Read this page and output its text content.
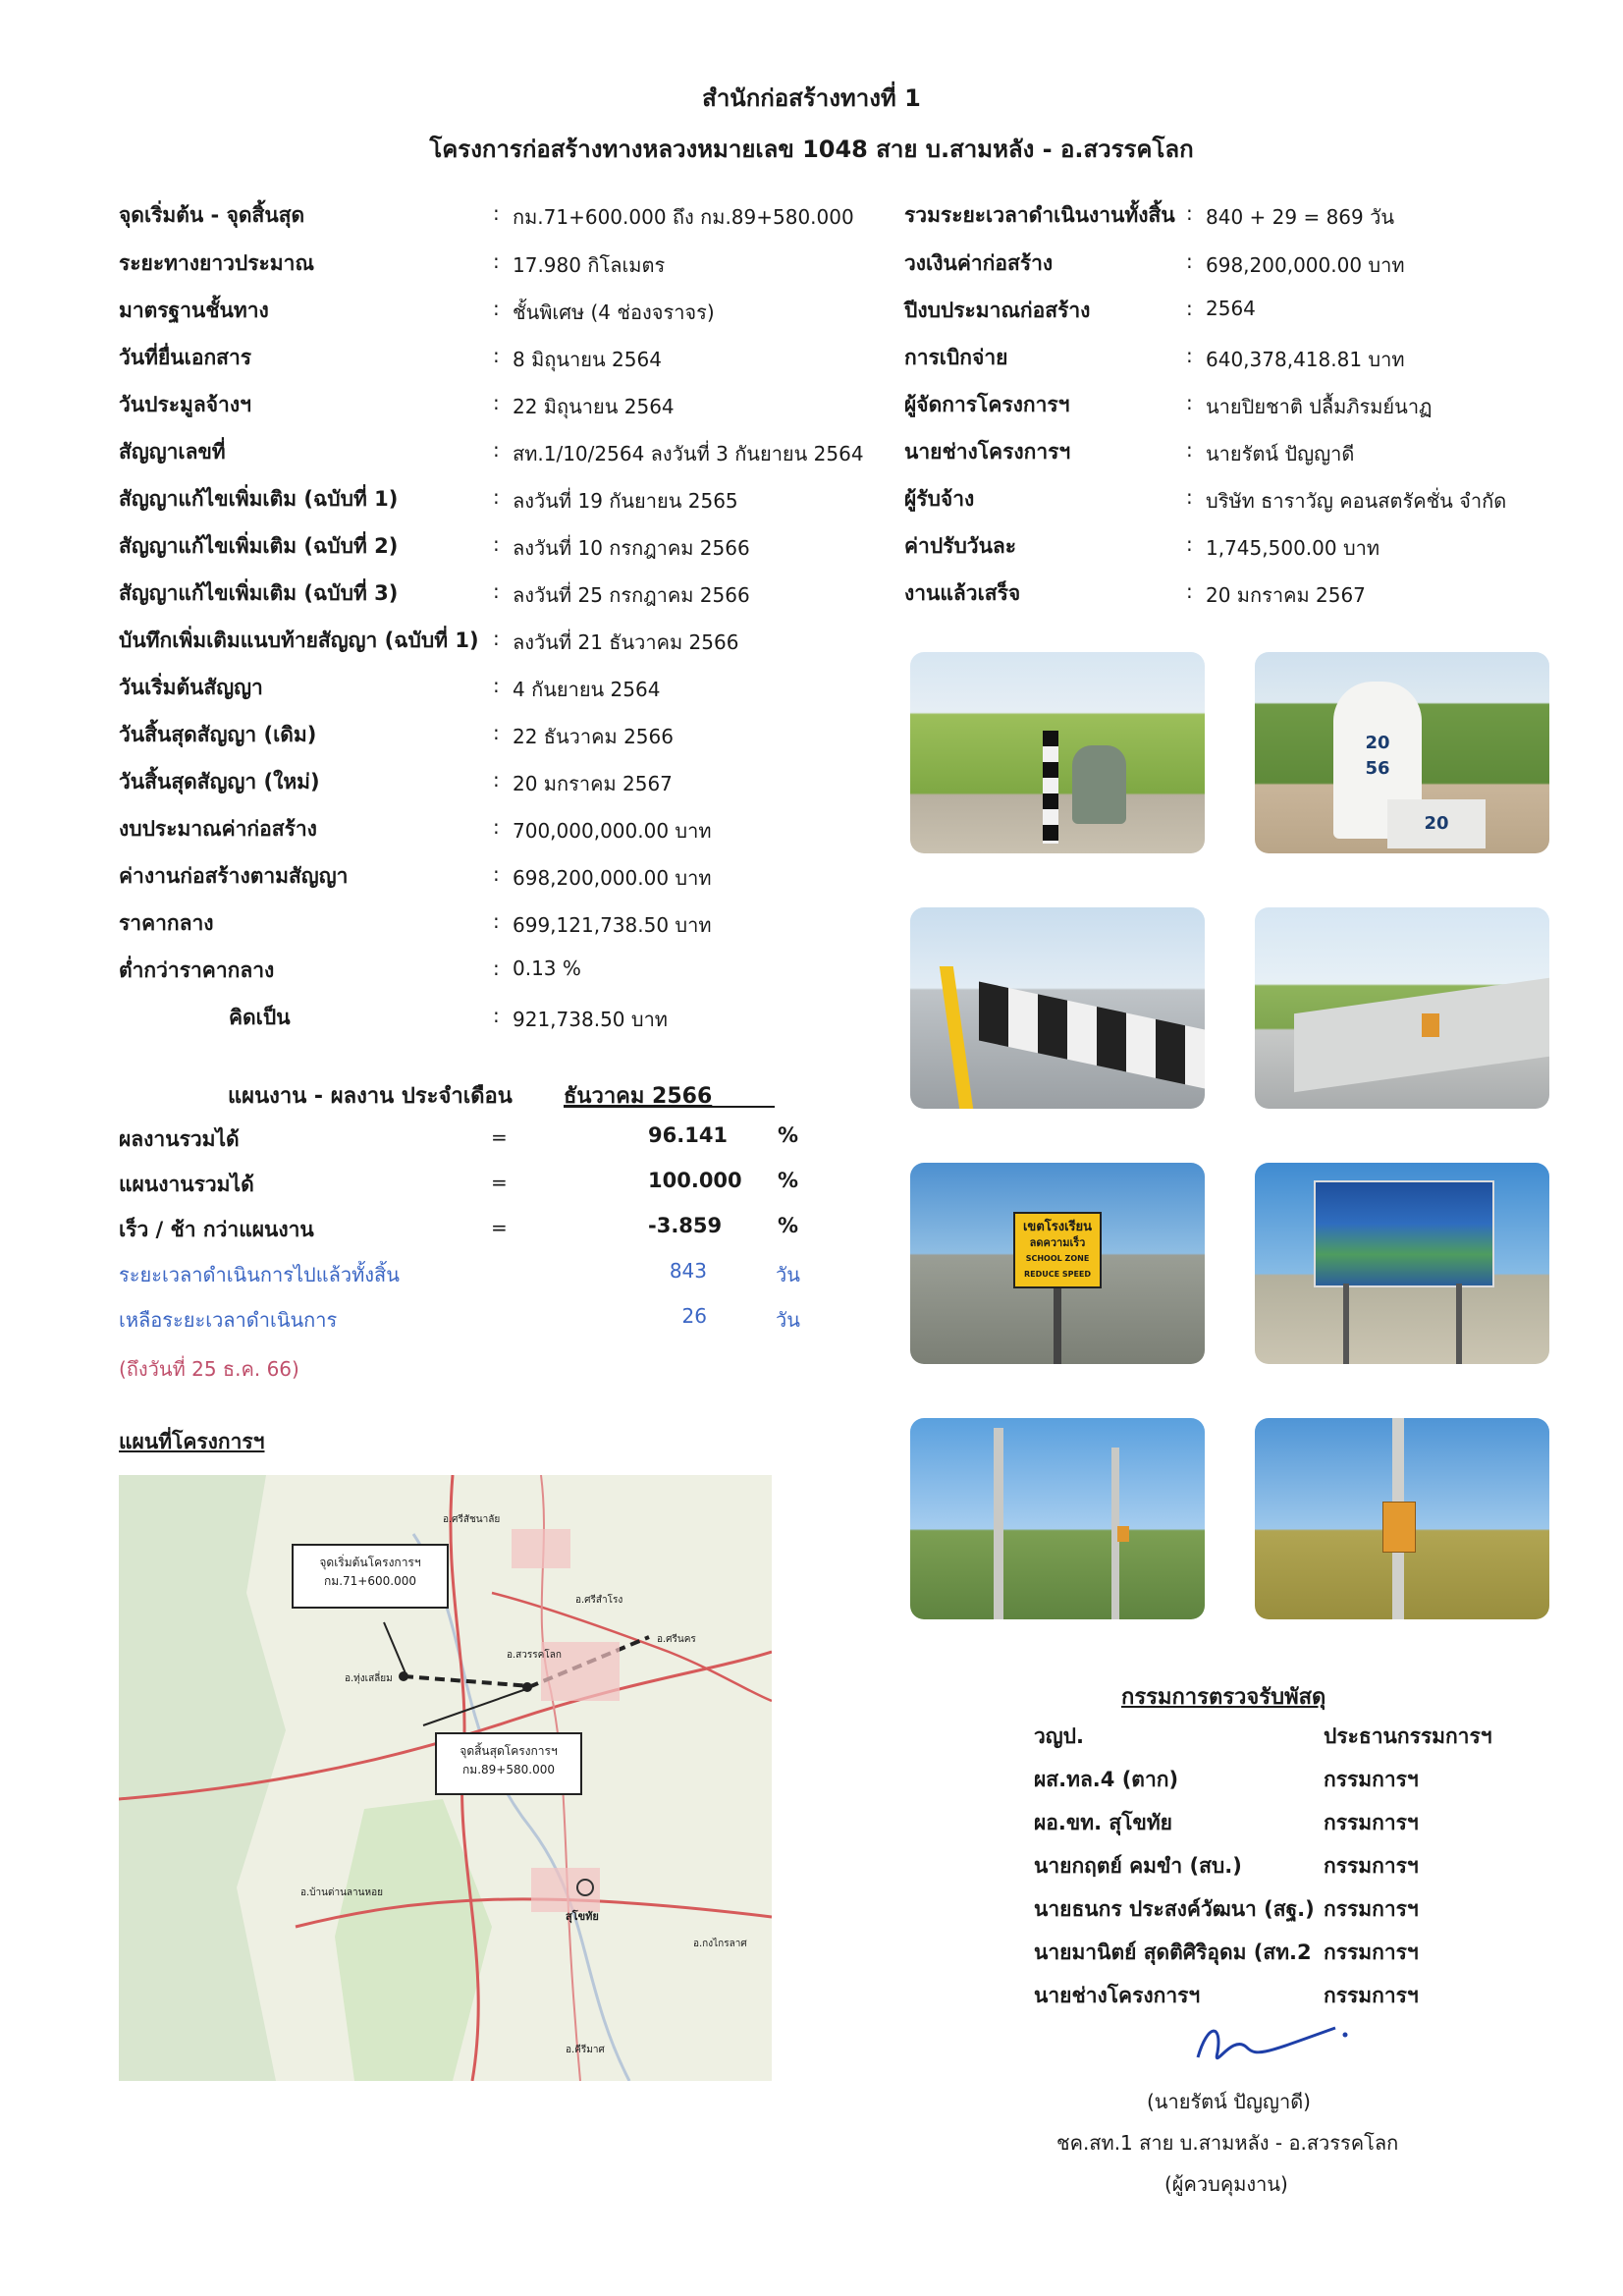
สำนักก่อสร้างทางที่ 1
โครงการก่อสร้างทางหลวงหมายเลข 1048 สาย บ.สามหลัง - อ.สวรรคโลก
จุดเริ่มต้น - จุดสิ้นสุด	: กม.71+600.000 ถึง กม.89+580.000
ระยะทางยาวประมาณ	: 17.980 กิโลเมตร
มาตรฐานชั้นทาง	: ชั้นพิเศษ (4 ช่องจราจร)
วันที่ยื่นเอกสาร	: 8 มิถุนายน 2564
วันประมูลจ้างฯ	: 22 มิถุนายน 2564
สัญญาเลขที่	: สท.1/10/2564 ลงวันที่ 3 กันยายน 2564
สัญญาแก้ไขเพิ่มเติม (ฉบับที่ 1)	: ลงวันที่ 19 กันยายน 2565
สัญญาแก้ไขเพิ่มเติม (ฉบับที่ 2)	: ลงวันที่ 10 กรกฎาคม 2566
สัญญาแก้ไขเพิ่มเติม (ฉบับที่ 3)	: ลงวันที่ 25 กรกฎาคม 2566
บันทึกเพิ่มเติมแนบท้ายสัญญา (ฉบับที่ 1) : ลงวันที่ 21 ธันวาคม 2566
วันเริ่มต้นสัญญา	: 4 กันยายน 2564
วันสิ้นสุดสัญญา (เดิม)	: 22 ธันวาคม 2566
วันสิ้นสุดสัญญา (ใหม่)	: 20 มกราคม 2567
งบประมาณค่าก่อสร้าง	: 700,000,000.00 บาท
ค่างานก่อสร้างตามสัญญา	: 698,200,000.00 บาท
ราคากลาง	: 699,121,738.50 บาท
ต่ำกว่าราคากลาง	: 0.13 %
คิดเป็น	: 921,738.50 บาท
รวมระยะเวลาดำเนินงานทั้งสิ้น : 840 + 29 = 869 วัน
วงเงินค่าก่อสร้าง	: 698,200,000.00 บาท
ปีงบประมาณก่อสร้าง	: 2564
การเบิกจ่าย	: 640,378,418.81 บาท
ผู้จัดการโครงการฯ	: นายปิยชาติ ปลื้มภิรมย์นาฏ
นายช่างโครงการฯ	: นายรัตน์ ปัญญาดี
ผู้รับจ้าง	: บริษัท ธาราวัญ คอนสตรัคชั่น จำกัด
ค่าปรับวันละ	: 1,745,500.00 บาท
งานแล้วเสร็จ	: 20 มกราคม 2567
แผนงาน - ผลงาน ประจำเดือน ธันวาคม 2566
ผลงานรวมได้	=	96.141 %
แผนงานรวมได้	=	100.000 %
เร็ว / ช้า กว่าแผนงาน	=	-3.859	%
ระยะเวลาดำเนินการไปแล้วทั้งสิ้น	843	วัน
เหลือระยะเวลาดำเนินการ	26	วัน
(ถึงวันที่ 25 ธ.ค. 66)
แผนที่โครงการฯ
จุดเริ่มต้นโครงการฯ
กม.71+600.000
จุดสิ้นสุดโครงการฯ
กม.89+580.000
อ.ศรีสัชนาลัย
อ.ศรีสำโรง
อ.สวรรคโลก
อ.ทุ่งเสลี่ยม
อ.ศรีนคร
สุโขทัย
อ.บ้านด่านลานหอย
อ.กงไกรลาศ
อ.คีรีมาศ
20
56
20
เขตโรงเรียน
ลดความเร็ว
SCHOOL ZONE
REDUCE SPEED
กรรมการตรวจรับพัสดุ
วญป.	ประธานกรรมการฯ
ผส.ทล.4 (ตาก)	กรรมการฯ
ผอ.ขท. สุโขทัย	กรรมการฯ
นายกฤตย์ คมขำ (สบ.)	กรรมการฯ
นายธนกร ประสงค์วัฒนา (สฐ.) กรรมการฯ
นายมานิตย์ สุดติศิริอุดม (สท.2 กรรมการฯ
นายช่างโครงการฯ	กรรมการฯ
(นายรัตน์ ปัญญาดี)
ชค.สท.1 สาย บ.สามหลัง - อ.สวรรคโลก
(ผู้ควบคุมงาน)
